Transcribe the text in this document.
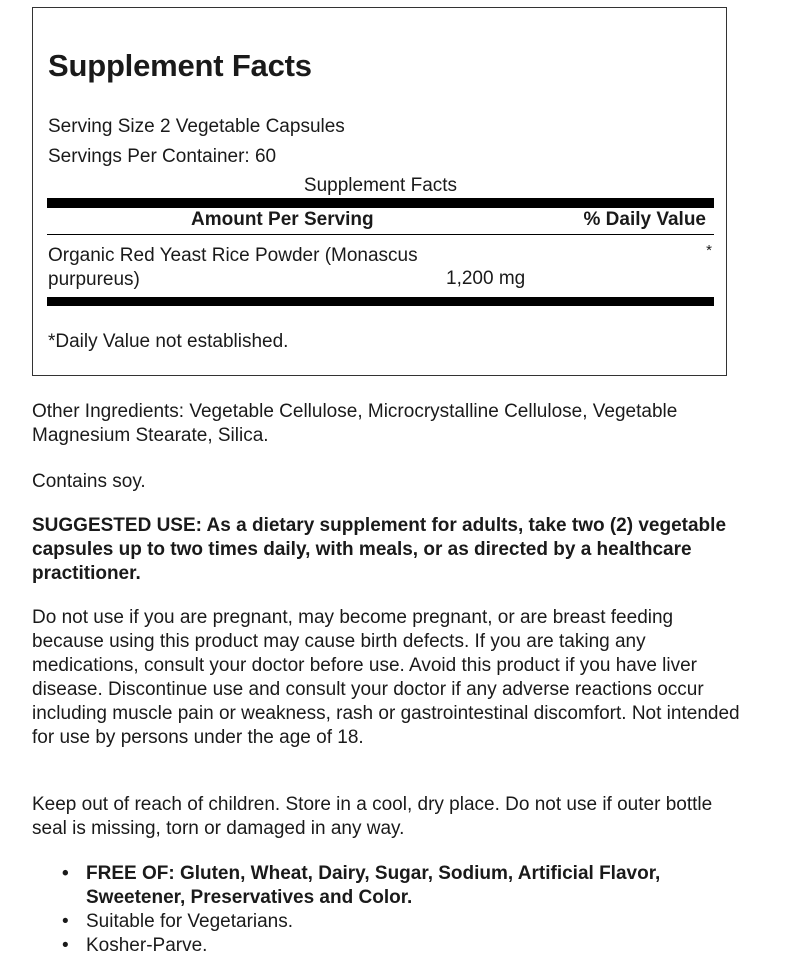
Supplement Facts
Serving Size 2 Vegetable Capsules
Servings Per Container: 60
Supplement Facts
Amount Per Serving	% Daily Value
Organic Red Yeast Rice Powder (Monascus purpureus)	1,200 mg
*
*Daily Value not established.
Other Ingredients: Vegetable Cellulose, Microcrystalline Cellulose, Vegetable Magnesium Stearate, Silica.
Contains soy.
SUGGESTED USE: As a dietary supplement for adults, take two (2) vegetable capsules up to two times daily, with meals, or as directed by a healthcare practitioner.
Do not use if you are pregnant, may become pregnant, or are breast feeding because using this product may cause birth defects. If you are taking any medications, consult your doctor before use. Avoid this product if you have liver disease. Discontinue use and consult your doctor if any adverse reactions occur including muscle pain or weakness, rash or gastrointestinal discomfort. Not intended for use by persons under the age of 18.
Keep out of reach of children. Store in a cool, dry place. Do not use if outer bottle seal is missing, torn or damaged in any way.
• FREE OF: Gluten, Wheat, Dairy, Sugar, Sodium, Artificial Flavor, Sweetener, Preservatives and Color.
• Suitable for Vegetarians.
• Kosher-Parve.
